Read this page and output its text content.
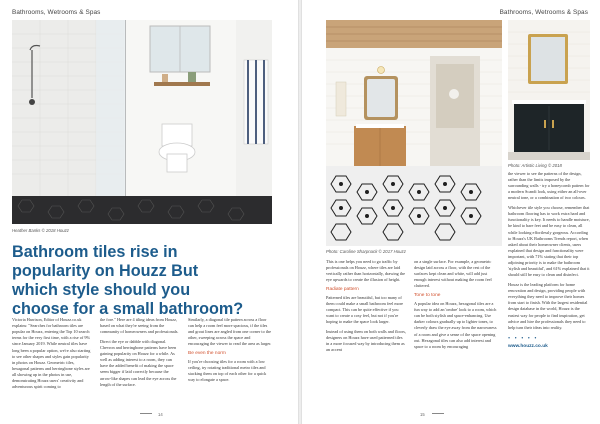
Bathrooms, Wetrooms & Spas
Heather Banks © 2018 Houzz
Bathroom tiles rise in popularity on Houzz But which style should you choose for a small bathroom?

Victoria Harrison, Editor of Houzz.co.uk explains: "Searches for bathroom tiles are popular on Houzz, entering the Top 10 search terms for the very first time, with a rise of 9% since January 2019. While neutral tiles have long been a popular option, we're also starting to see other shapes and styles gain popularity in photos on Houzz. Geometric tiles, hexagonal patterns and herringbone styles are all showing up in the photos in use, demonstrating Houzz users' creativity and adventurous spirit coming to

the fore." Here are 4 tiling ideas from Houzz, based on what they're seeing from the community of homeowners and professionals.

Direct the eye or dabble with diagonal. Chevron and herringbone patterns have been gaining popularity on Houzz for a while. As well as adding interest to a room, they can have the added benefit of making the space seem bigger if laid correctly because the arrow-like shapes can lead the eye across the length of the surface.

Similarly, a diagonal tile pattern across a floor can help a room feel more spacious, if the tiles and grout lines are angled from one corner to the other, sweeping across the space and encouraging the viewer to read the area as larger.

Be even the norm

If you're choosing tiles for a room with a low ceiling, try rotating traditional metro tiles and stacking them on top of each other for a quick way to elongate a space.

14
Bathrooms, Wetrooms & Spas
Photo: Caroline Sharpnack © 2017 Houzz
Photo: Artistic Living © 2018

This is one helps you need to go traffic by professionals on Houzz, where tiles are laid vertically rather than horizontally, drawing the eye upwards to create the illusion of height.

Radiate pattern

Patterned tiles are beautiful, but too many of them could make a small bathroom feel more compact. This can be quite effective if you want to create a cosy feel, but not if you're hoping to make the space look larger.

Instead of using them on both walls and floors, designers on Houzz have used patterned tiles in a more focused way by introducing them as an accent

on a single surface. For example, a geometric design laid across a floor, with the rest of the surfaces kept clean and white, will add just enough interest without making the room feel cluttered.

Tone to tone

A popular idea on Houzz, hexagonal tiles are a fun way to add an 'ombre' look to a room, which can be both stylish and space-enhancing. Use darker colours gradually up to lighter tones, to cleverly draw the eye away from the narrowness of a room and give a sense of the space opening out. Hexagonal tiles can also add interest and space to a room by encouraging

the viewer to see the patterns of the design, rather than the limits imposed by the surrounding walls - try a honeycomb pattern for a modern Scandi look, using either an all-over neutral tone, or a combination of two colours.

Whichever tile style you choose, remember that bathroom flooring has to work extra hard and functionality is key. It needs to handle moisture, be kind to bare feet and be easy to clean, all while looking effortlessly gorgeous. According to Houzz's UK Bathrooms Trends report, when asked about their homeowner clients, users explained that design and functionality were important, with 71% stating that their top adjoining priority is to make the bathroom 'stylish and beautiful', and 61% explained that it should still be easy to clean and disinfect.

Houzz is the leading platform for home renovation and design, providing people with everything they need to improve their homes from start to finish. With the largest residential design database in the world, Houzz is the easiest way for people to find inspiration, get advice and hire the professionals they need to help turn their ideas into reality.

• • • • •
www.houzz.co.uk
15
